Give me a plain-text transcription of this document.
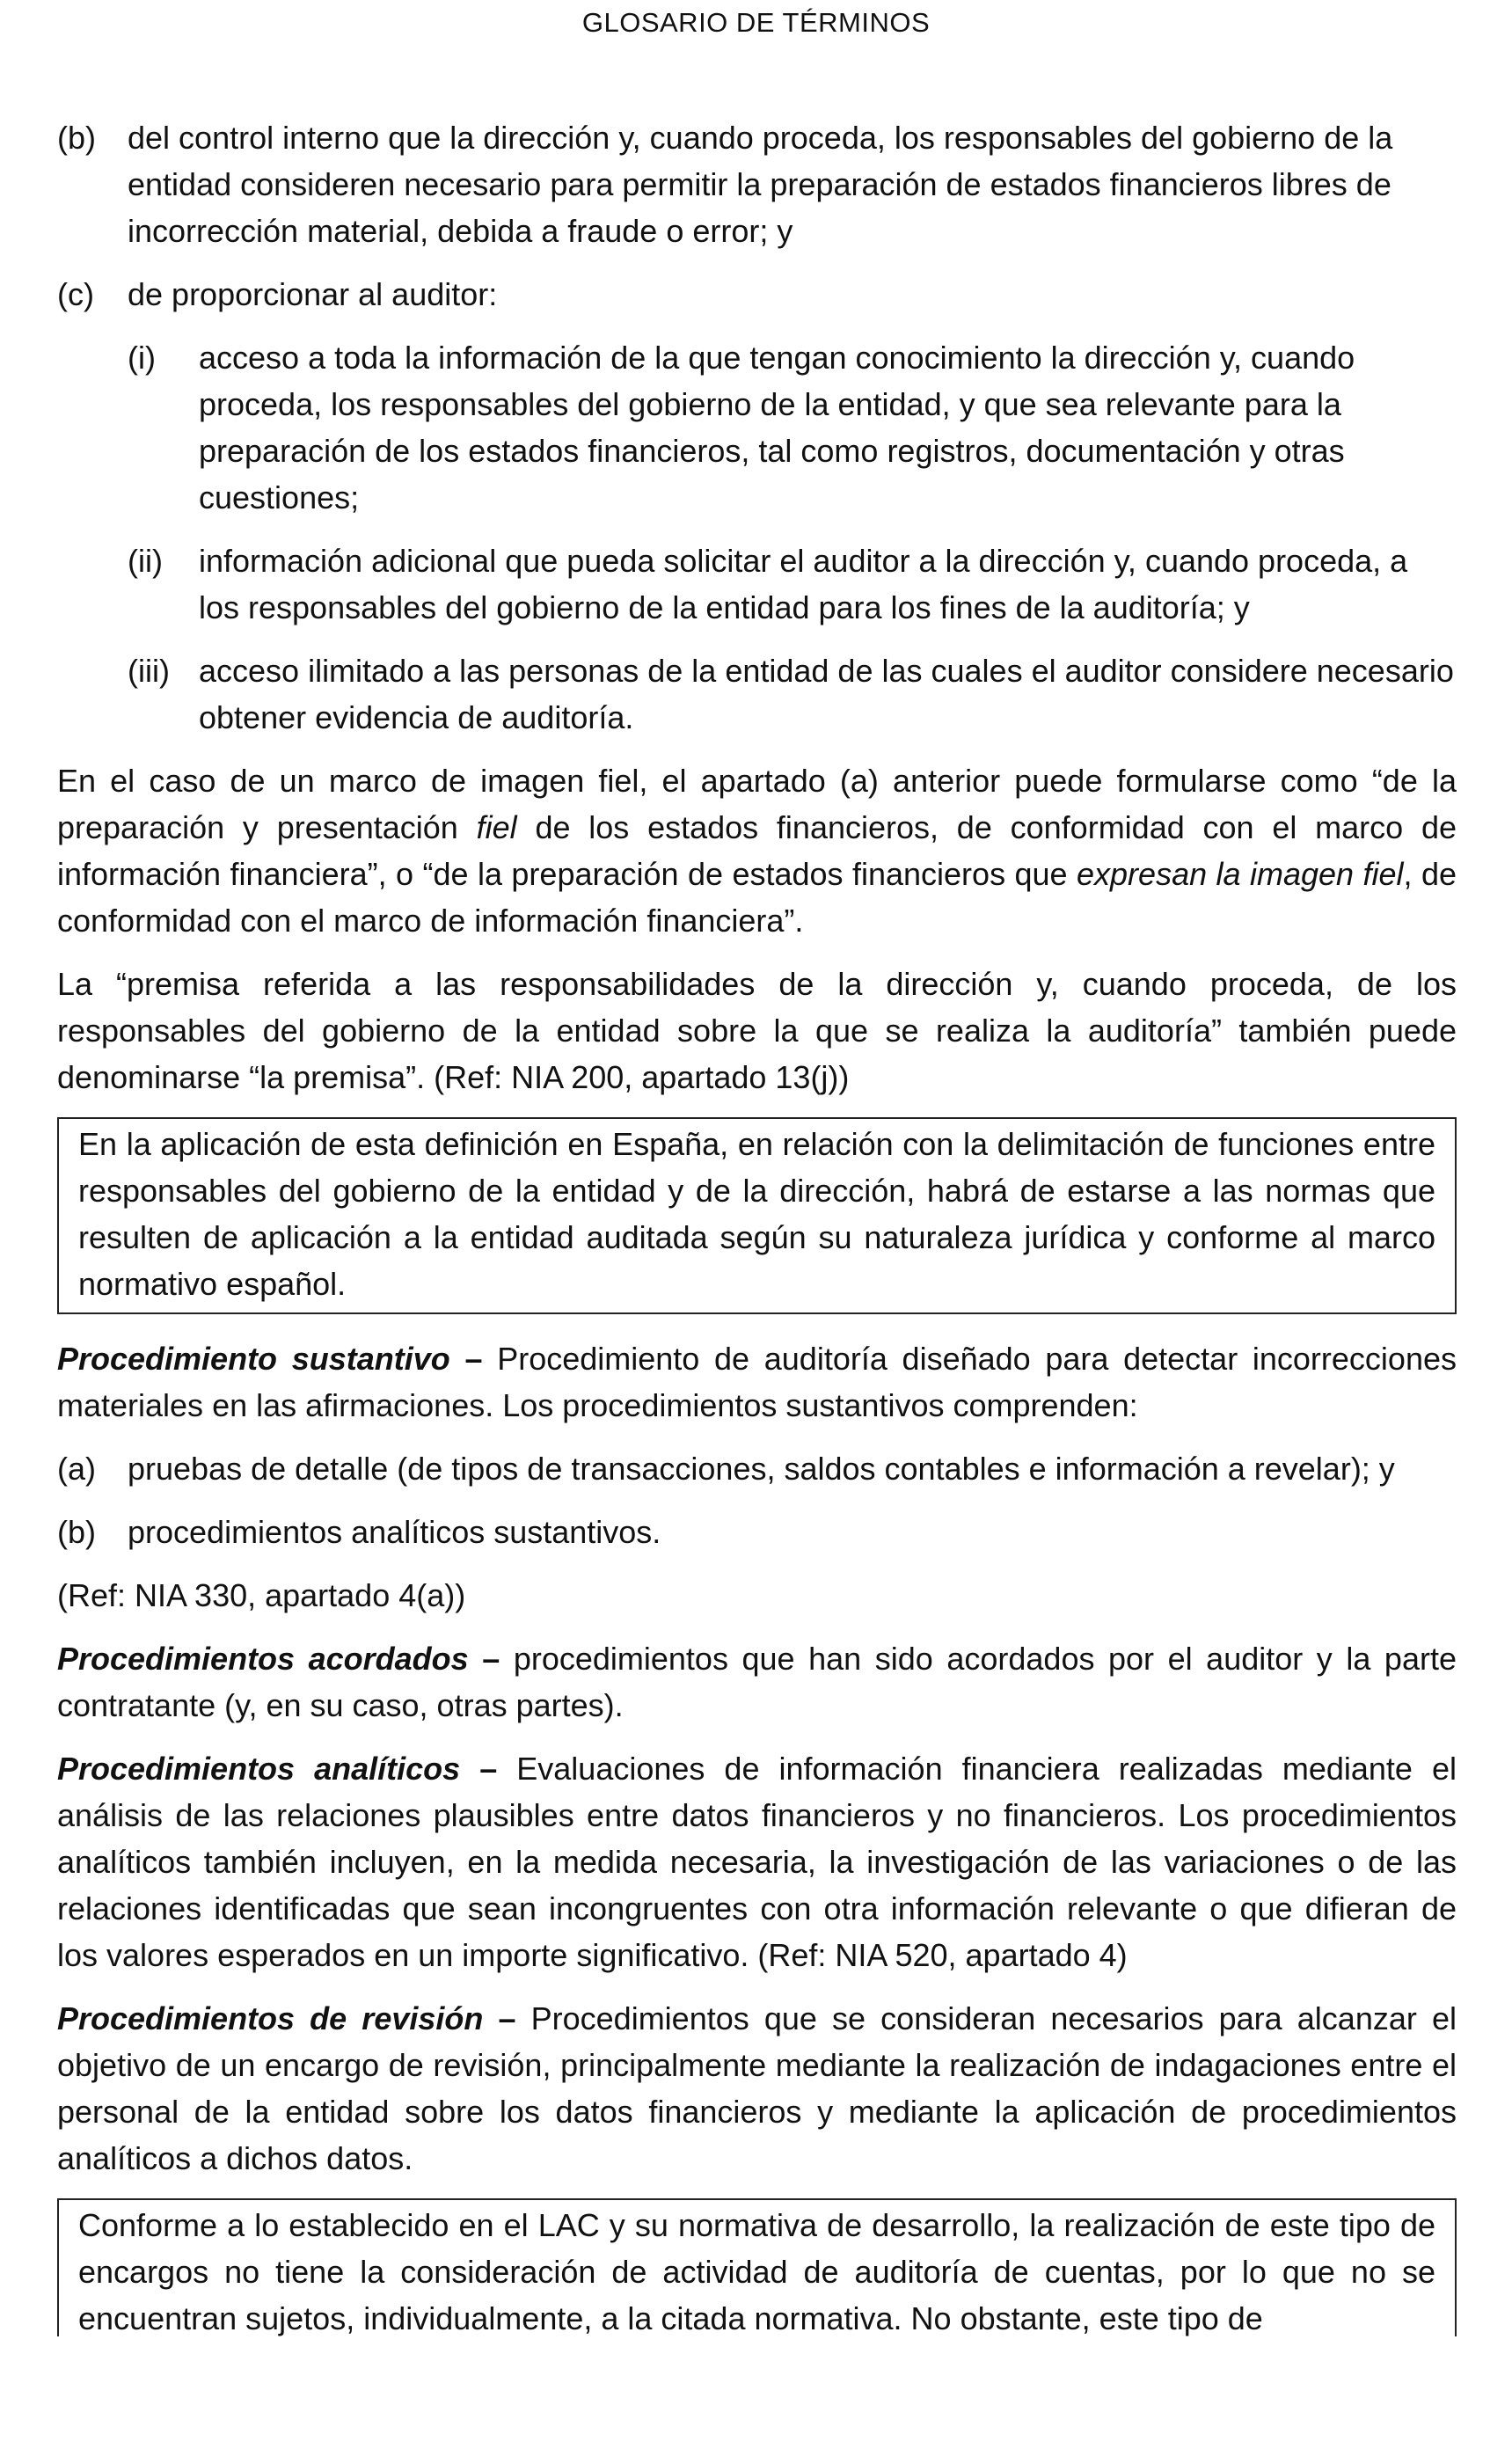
GLOSARIO DE TÉRMINOS
(b)	del control interno que la dirección y, cuando proceda, los responsables del gobierno de la entidad consideren necesario para permitir la preparación de estados financieros libres de incorrección material, debida a fraude o error; y
(c)	de proporcionar al auditor:
(i)	acceso a toda la información de la que tengan conocimiento la dirección y, cuando proceda, los responsables del gobierno de la entidad, y que sea relevante para la preparación de los estados financieros, tal como registros, documentación y otras cuestiones;
(ii)	información adicional que pueda solicitar el auditor a la dirección y, cuando proceda, a los responsables del gobierno de la entidad para los fines de la auditoría; y
(iii) acceso ilimitado a las personas de la entidad de las cuales el auditor considere necesario obtener evidencia de auditoría.

En el caso de un marco de imagen fiel, el apartado (a) anterior puede formularse como “de la preparación y presentación fiel de los estados financieros, de conformidad con el marco de información financiera”, o “de la preparación de estados financieros que expresan la imagen fiel, de conformidad con el marco de información financiera”.

La “premisa referida a las responsabilidades de la dirección y, cuando proceda, de los responsables del gobierno de la entidad sobre la que se realiza la auditoría” también puede denominarse “la premisa”. (Ref: NIA 200, apartado 13(j))

En la aplicación de esta definición en España, en relación con la delimitación de funciones entre responsables del gobierno de la entidad y de la dirección, habrá de estarse a las normas que resulten de aplicación a la entidad auditada según su naturaleza jurídica y conforme al marco normativo español.

Procedimiento sustantivo – Procedimiento de auditoría diseñado para detectar incorrecciones materiales en las afirmaciones. Los procedimientos sustantivos comprenden:

(a)	pruebas de detalle (de tipos de transacciones, saldos contables e información a revelar); y
(b)	procedimientos analíticos sustantivos.

(Ref: NIA 330, apartado 4(a))

Procedimientos acordados – procedimientos que han sido acordados por el auditor y la parte contratante (y, en su caso, otras partes).

Procedimientos analíticos – Evaluaciones de información financiera realizadas mediante el análisis de las relaciones plausibles entre datos financieros y no financieros. Los procedimientos analíticos también incluyen, en la medida necesaria, la investigación de las variaciones o de las relaciones identificadas que sean incongruentes con otra información relevante o que difieran de los valores esperados en un importe significativo. (Ref: NIA 520, apartado 4)

Procedimientos de revisión – Procedimientos que se consideran necesarios para alcanzar el objetivo de un encargo de revisión, principalmente mediante la realización de indagaciones entre el personal de la entidad sobre los datos financieros y mediante la aplicación de procedimientos analíticos a dichos datos.

Conforme a lo establecido en el LAC y su normativa de desarrollo, la realización de este tipo de encargos no tiene la consideración de actividad de auditoría de cuentas, por lo que no se encuentran sujetos, individualmente, a la citada normativa. No obstante, este tipo de
